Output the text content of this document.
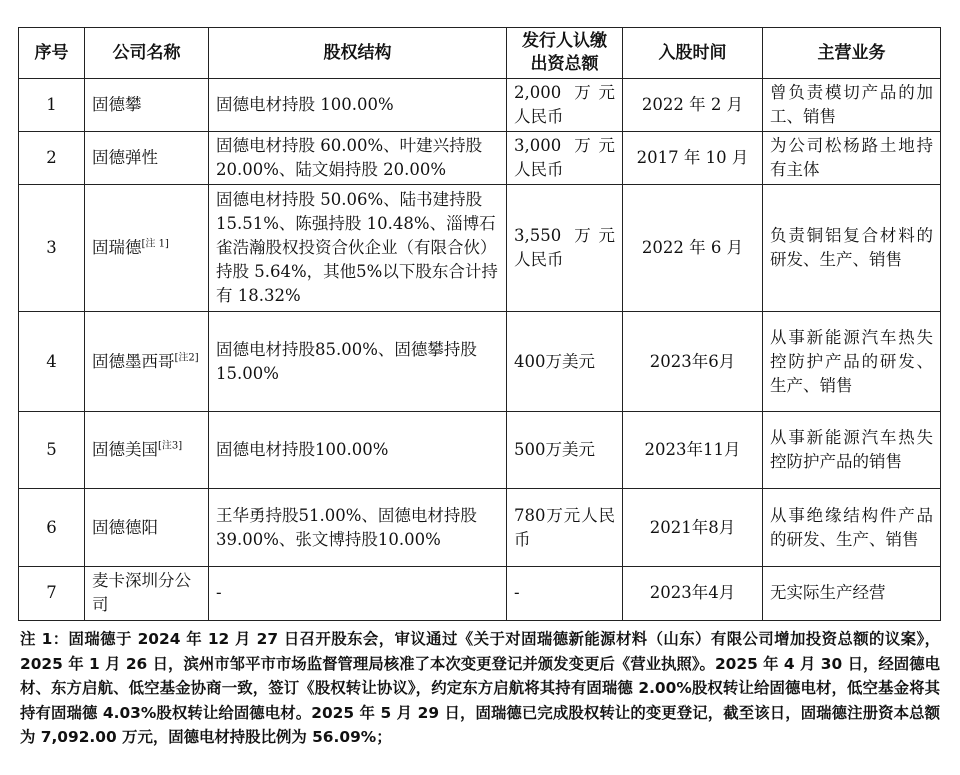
序号	公司名称	股权结构	发行人认缴出资总额	入股时间	主营业务
1	固德攀	固德电材持股 100.00%	2,000 万元人民币	2022 年 2 月	曾负责模切产品的加工、销售
2	固德弹性	固德电材持股 60.00%、叶建兴持股 20.00%、陆文娟持股 20.00%	3,000 万元人民币	2017 年 10 月	为公司松杨路土地持有主体
3	固瑞德[注 1]	固德电材持股 50.06%、陆书建持股 15.51%、陈强持股 10.48%、淄博石雀浩瀚股权投资合伙企业（有限合伙）持股 5.64%，其他5%以下股东合计持有 18.32%	3,550 万元人民币	2022 年 6 月	负责铜铝复合材料的研发、生产、销售
4	固德墨西哥[注2]	固德电材持股85.00%、固德攀持股15.00%	400万美元	2023年6月	从事新能源汽车热失控防护产品的研发、生产、销售
5	固德美国[注3]	固德电材持股100.00%	500万美元	2023年11月	从事新能源汽车热失控防护产品的销售
6	固德德阳	王华勇持股51.00%、固德电材持股39.00%、张文博持股10.00%	780万元人民币	2021年8月	从事绝缘结构件产品的研发、生产、销售
7	麦卡深圳分公司	-	-	2023年4月	无实际生产经营
注 1：固瑞德于 2024 年 12 月 27 日召开股东会，审议通过《关于对固瑞德新能源材料（山东）有限公司增加投资总额的议案》，2025 年 1 月 26 日，滨州市邹平市市场监督管理局核准了本次变更登记并颁发变更后《营业执照》。2025 年 4 月 30 日，经固德电材、东方启航、低空基金协商一致，签订《股权转让协议》，约定东方启航将其持有固瑞德 2.00%股权转让给固德电材，低空基金将其持有固瑞德 4.03%股权转让给固德电材。2025 年 5 月 29 日，固瑞德已完成股权转让的变更登记，截至该日，固瑞德注册资本总额为 7,092.00 万元，固德电材持股比例为 56.09%；
